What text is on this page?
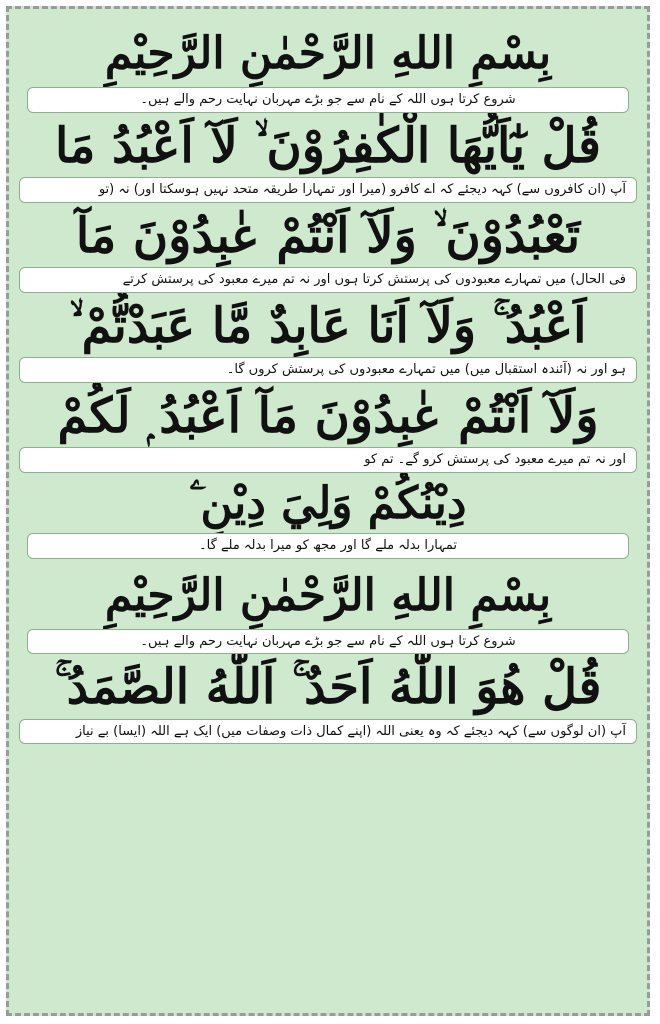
بِسْمِ اللهِ الرَّحْمٰنِ الرَّحِيْمِ
شروع کرتا ہوں اللہ کے نام سے جو بڑے مہربان نہایت رحم والے ہیں۔
قُلْ يٰٓاَيُّهَا الْكٰفِرُوْنَ ۙ لَآ اَعْبُدُ مَا
آپ (ان کافروں سے) کہہ دیجئے کہ اے کافرو (میرا اور تمہارا طریقہ متحد نہیں ہوسکتا اور) نہ (تو
تَعْبُدُوْنَ ۙ وَلَآ اَنْتُمْ عٰبِدُوْنَ مَآ
فی الحال) میں تمہارے معبودوں کی پرستش کرتا ہوں اور نہ تم میرے معبود کی پرستش کرتے
اَعْبُدُ ۚ وَلَآ اَنَا عَابِدٌ مَّا عَبَدْتُّمْ ۙ
ہو اور نہ (آئندہ استقبال میں) میں تمہارے معبودوں کی پرستش کروں گا۔
وَلَآ اَنْتُمْ عٰبِدُوْنَ مَآ اَعْبُدُ ۭ لَكُمْ
اور نہ تم میرے معبود کی پرستش کرو گے۔ تم کو
دِيْنُكُمْ وَلِيَ دِيْنِ ۧ
تمہارا بدلہ ملے گا اور مجھ کو میرا بدلہ ملے گا۔
بِسْمِ اللهِ الرَّحْمٰنِ الرَّحِيْمِ
شروع کرتا ہوں اللہ کے نام سے جو بڑے مہربان نہایت رحم والے ہیں۔
قُلْ هُوَ اللّٰهُ اَحَدٌ ۚ اَللّٰهُ الصَّمَدُ ۚ
آپ (ان لوگوں سے) کہہ دیجئے کہ وہ یعنی اللہ (اپنے کمال ذات وصفات میں) ایک ہے اللہ (ایسا) بے نیاز
